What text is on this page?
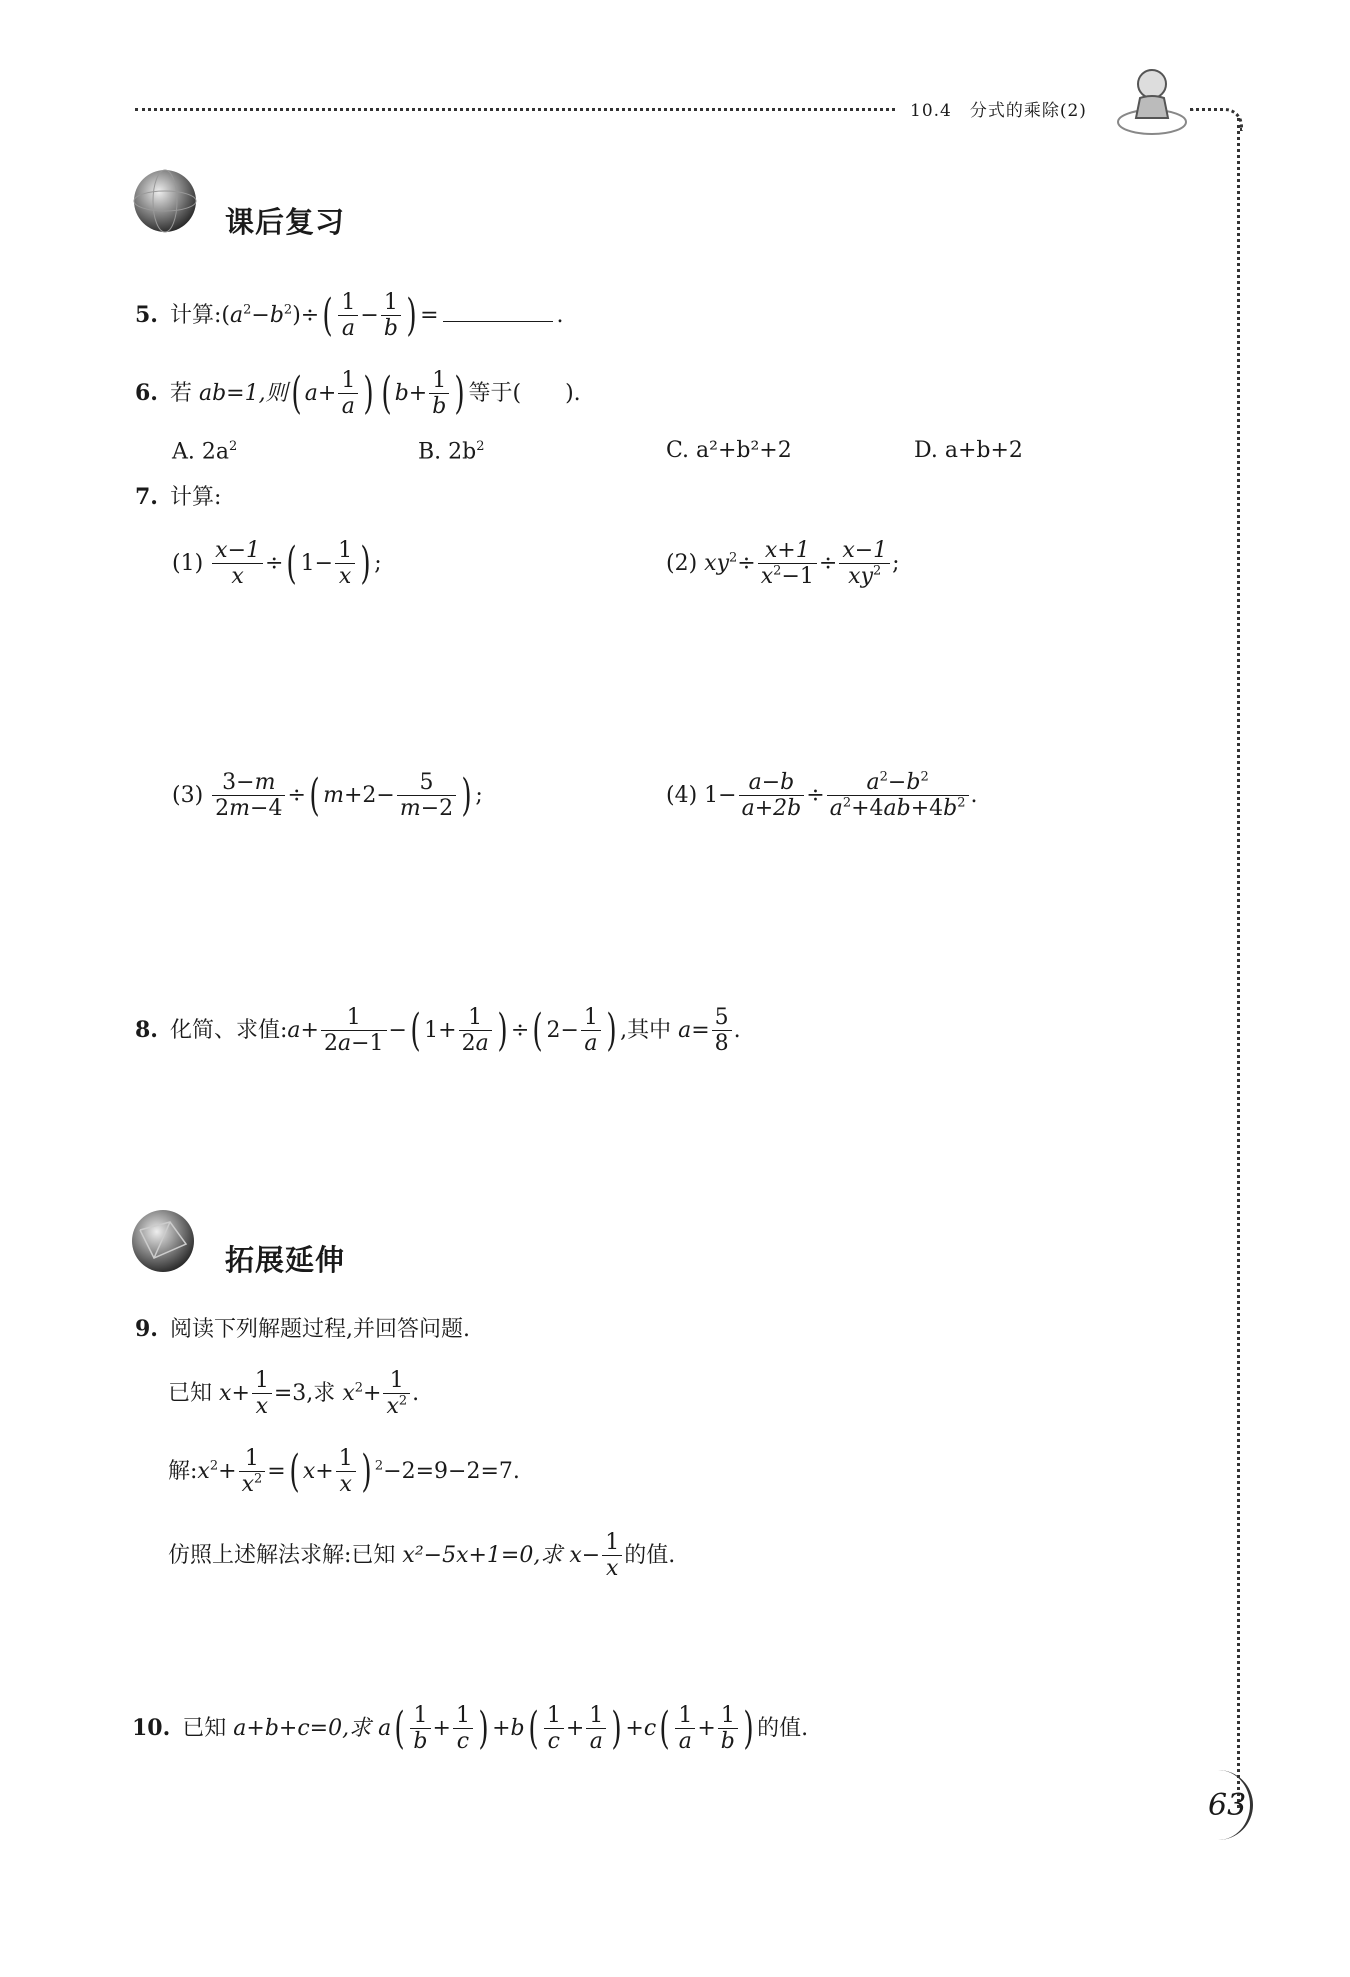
10.4　分式的乘除(2)
课后复习
5. 计算$:(a^2-b^2)\div( \frac{1}{a} - \frac{1}{b}$ ) =	.
6. 若 ab=1,则( $a+ \frac{1}{a}$ ) ( $b+ \frac{1}{b}$ ) 等于(　　).
A. $2a^2$	B. $2b^2$	C. a²+b²+2	D. a+b+2
7. 计算:
$(1) \frac{x-1}{x}$ ÷( $1- \frac{1}{x}$ ) ;	(2) $xy^2\div \frac{x+1}{x^2-1} \div \frac{x-1}{xy^2}$ ;
$(3) \frac{3-m}{2m-4}$ ÷( $m+2- \frac{5}{m-2}$ ) ;	(4) $1- \frac{a-b}{a+2b} \div \frac{a^2-b^2}{a^2+4ab+4b^2}$ .
8. 化简、求值:a+ $\frac{1}{2a-1}$ −( $1+ \frac{1}{2a}$ ) ÷( $2- \frac{1}{a}$ ) ,其中 $a= \frac{5}{8}$ .
拓展延伸
9. 阅读下列解题过程,并回答问题.
已知 $x+ \frac{1}{x} =3$,求 $x^2+ \frac{1}{x^2}$ .
解$:x^2+ \frac{1}{x^2}$ =( $x+ \frac{1}{x}$ ) $^2$−2=9−2=7.
仿照上述解法求解:已知 x²−5x+1=0,求 $x- \frac{1}{x}$ 的值.
10. 已知 a+b+c=0,求 $a( \frac{1}{b} + \frac{1}{c}$ ) $+b( \frac{1}{c} + \frac{1}{a}$ ) $+c( \frac{1}{a} + \frac{1}{b}$ ) 的值.
63
